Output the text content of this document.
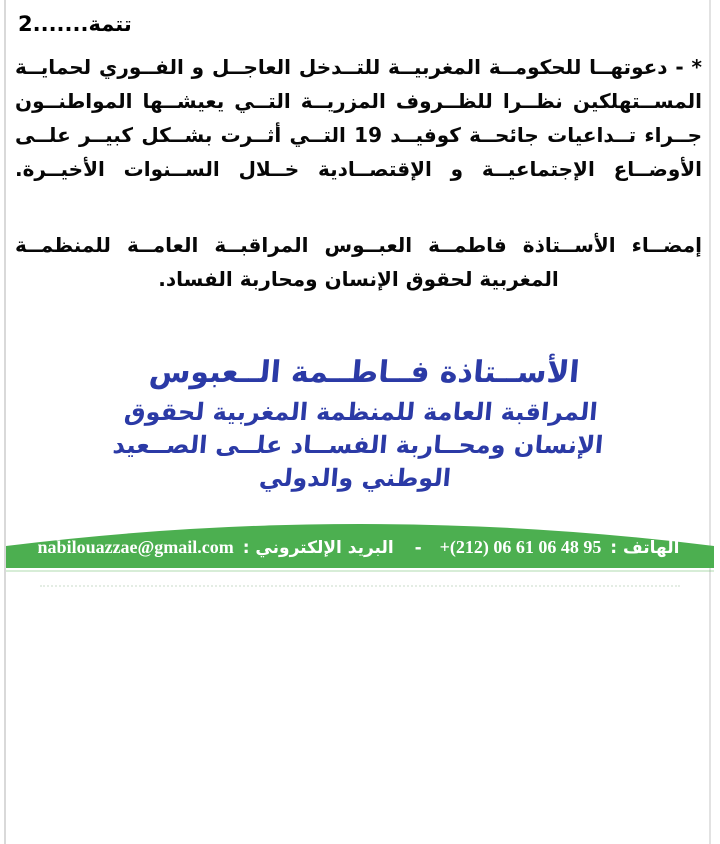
تتمة.......2
* - دعوتهــا للحكومــة المغربيــة للتــدخل العاجــل و الفــوري لحمايــة
المســتهلكين نظــرا للظــروف المزريــة التــي يعيشــها المواطنــون
جــراء تــداعيات جائحــة كوفيــد 19 التــي أثــرت بشــكل كبيــر علــى
الأوضــاع الإجتماعيــة و الإقتصــادية خــلال الســنوات الأخيــرة.
إمضــاء الأســتاذة فاطمــة العبــوس المراقبــة العامــة للمنظمــة
المغربية لحقوق الإنسان ومحاربة الفساد.
الأســتاذة فــاطــمة الــعبوس
المراقبة العامة للمنظمة المغربية لحقوق
الإنسان ومحــاربة الفســاد علــى الصــعيد
الوطني والدولي
الهاتف : +(212) 06 61 06 48 95 - البريد الإلكتروني : nabilouazzae@gmail.com
